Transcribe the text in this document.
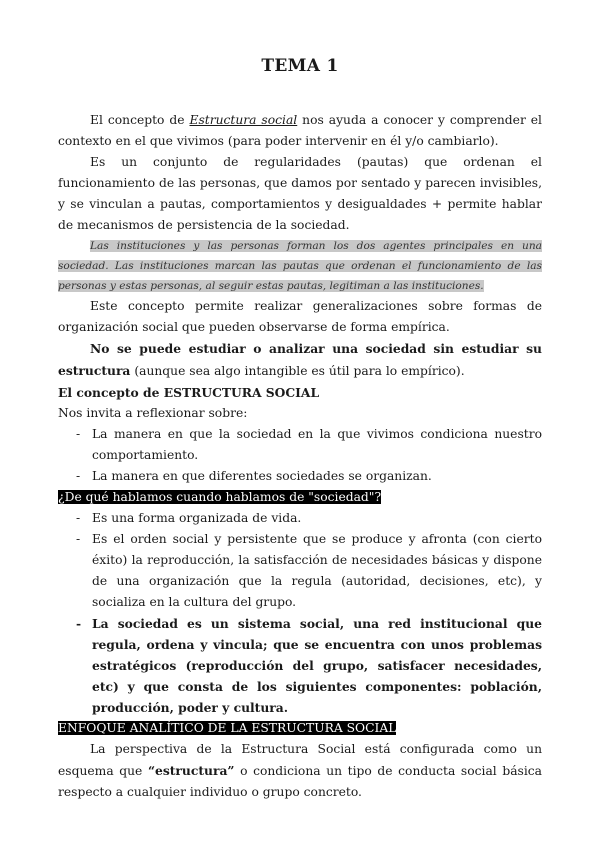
TEMA 1

El concepto de Estructura social nos ayuda a conocer y comprender el contexto en el que vivimos (para poder intervenir en él y/o cambiarlo).

Es un conjunto de regularidades (pautas) que ordenan el funcionamiento de las personas, que damos por sentado y parecen invisibles, y se vinculan a pautas, comportamientos y desigualdades + permite hablar de mecanismos de persistencia de la sociedad.

Las instituciones y las personas forman los dos agentes principales en una sociedad. Las instituciones marcan las pautas que ordenan el funcionamiento de las personas y estas personas, al seguir estas pautas, legitiman a las instituciones.

Este concepto permite realizar generalizaciones sobre formas de organización social que pueden observarse de forma empírica.

No se puede estudiar o analizar una sociedad sin estudiar su estructura (aunque sea algo intangible es útil para lo empírico).

El concepto de ESTRUCTURA SOCIAL

Nos invita a reflexionar sobre:

- La manera en que la sociedad en la que vivimos condiciona nuestro comportamiento.
- La manera en que diferentes sociedades se organizan.
¿De qué hablamos cuando hablamos de "sociedad"?
- Es una forma organizada de vida.
- Es el orden social y persistente que se produce y afronta (con cierto éxito) la reproducción, la satisfacción de necesidades básicas y dispone de una organización que la regula (autoridad, decisiones, etc), y socializa en la cultura del grupo.
- La sociedad es un sistema social, una red institucional que regula, ordena y vincula; que se encuentra con unos problemas estratégicos (reproducción del grupo, satisfacer necesidades, etc) y que consta de los siguientes componentes: población, producción, poder y cultura.
ENFOQUE ANALÍTICO DE LA ESTRUCTURA SOCIAL

La perspectiva de la Estructura Social está configurada como un esquema que “estructura” o condiciona un tipo de conducta social básica respecto a cualquier individuo o grupo concreto.
